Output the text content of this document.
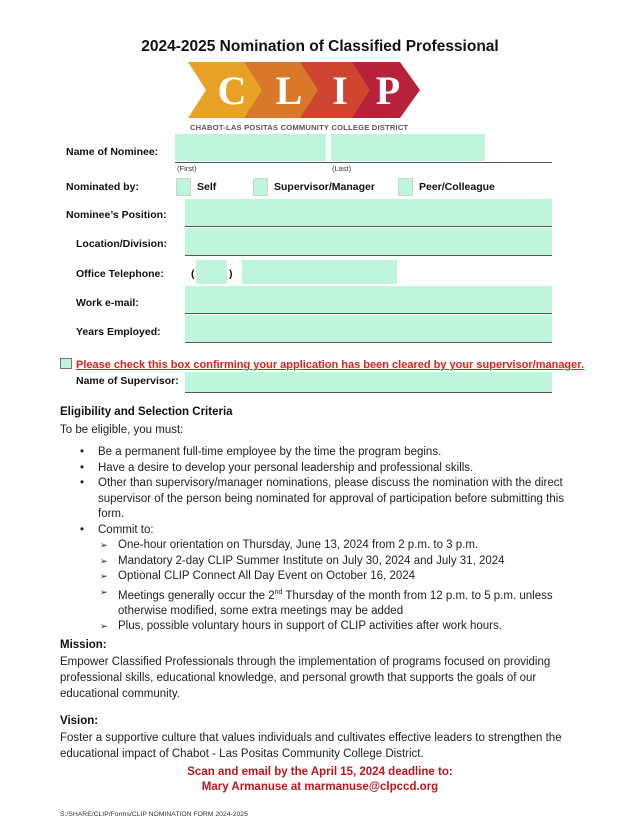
2024-2025 Nomination of Classified Professional
C L I P
CHABOT-LAS POSITAS COMMUNITY COLLEGE DISTRICT
Name of Nominee:
(First)	(Last)
Nominated by:	Self	Supervisor/Manager	Peer/Colleague
Nominee’s Position:
Location/Division:
Office Telephone:	(	)
Work e-mail:
Years Employed:
Please check this box confirming your application has been cleared by your supervisor/manager.
Name of Supervisor:
Eligibility and Selection Criteria
To be eligible, you must:
• Be a permanent full-time employee by the time the program begins.
• Have a desire to develop your personal leadership and professional skills.
• Other than supervisory/manager nominations, please discuss the nomination with the direct supervisor of the person being nominated for approval of participation before submitting this form.
• Commit to:
➢ One-hour orientation on Thursday, June 13, 2024 from 2 p.m. to 3 p.m.
➢ Mandatory 2-day CLIP Summer Institute on July 30, 2024 and July 31, 2024
➢ Optional CLIP Connect All Day Event on October 16, 2024
➢ Meetings generally occur the 2nd Thursday of the month from 12 p.m. to 5 p.m. unless otherwise modified, some extra meetings may be added
➢ Plus, possible voluntary hours in support of CLIP activities after work hours.
Mission:
Empower Classified Professionals through the implementation of programs focused on providing professional skills, educational knowledge, and personal growth that supports the goals of our educational community.
Vision:
Foster a supportive culture that values individuals and cultivates effective leaders to strengthen the educational impact of Chabot - Las Positas Community College District.
Scan and email by the April 15, 2024 deadline to:
Mary Armanuse at marmanuse@clpccd.org
S:/SHARE/CLIP/Forms/CLIP NOMINATION FORM 2024-2025
